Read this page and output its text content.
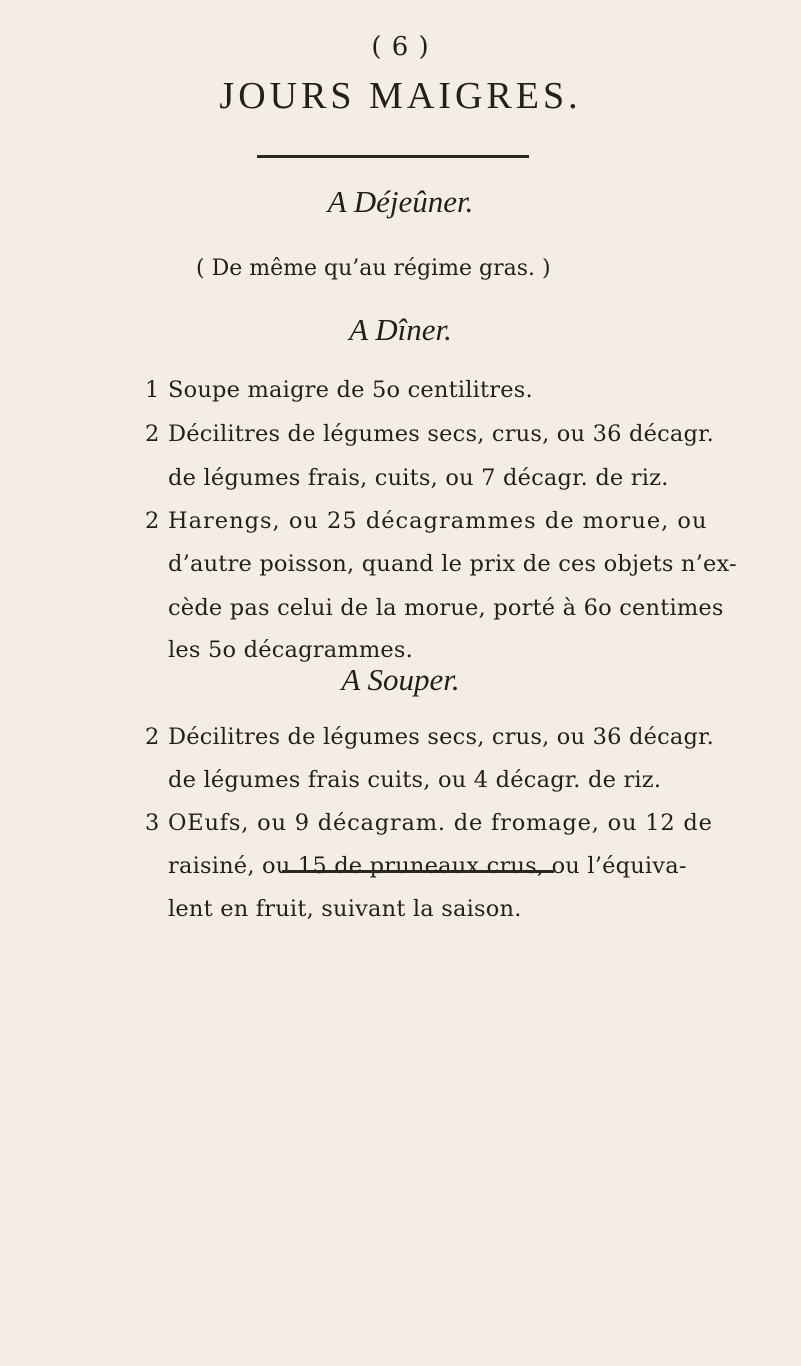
( 6 )
JOURS MAIGRES.
A Déjeûner.
( De même qu’au régime gras. )
A Dîner.
1 Soupe maigre de 5o centilitres.
2 Décilitres de légumes secs, crus, ou 36 décagr.
de légumes frais, cuits, ou 7 décagr. de riz.
2 Harengs, ou 25 décagrammes de morue, ou
d’autre poisson, quand le prix de ces objets n’ex-
cède pas celui de la morue, porté à 6o centimes
les 5o décagrammes.
A Souper.
2 Décilitres de légumes secs, crus, ou 36 décagr.
de légumes frais cuits, ou 4 décagr. de riz.
3 OEufs, ou 9 décagram. de fromage, ou 12 de
raisiné, ou 15 de pruneaux crus, ou l’équiva-
lent en fruit, suivant la saison.
